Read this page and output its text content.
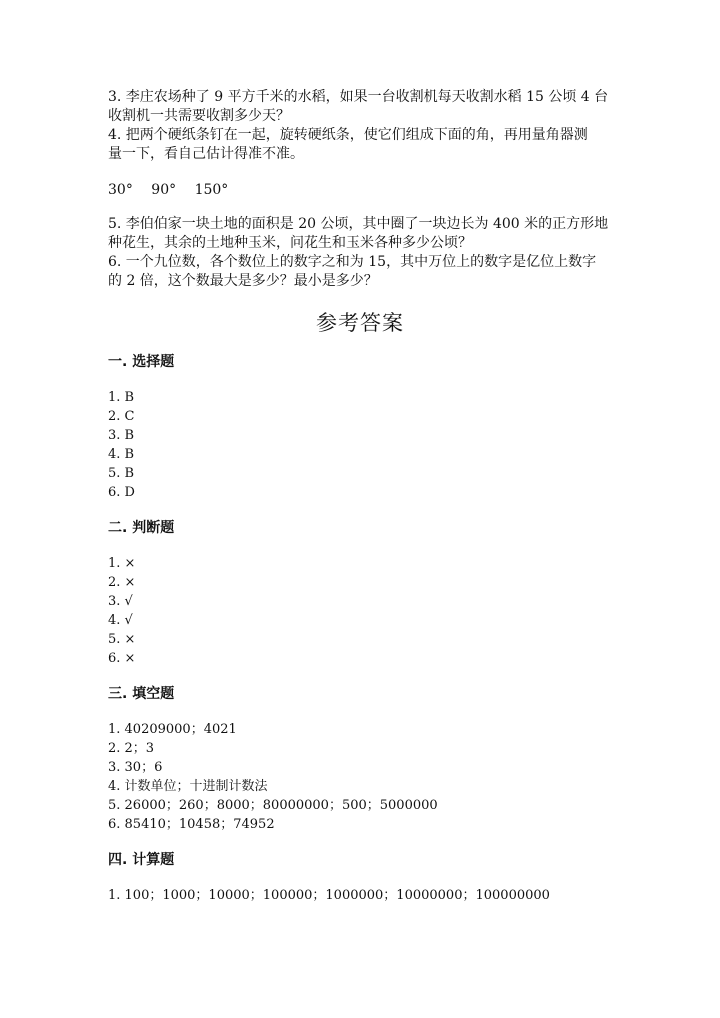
3. 李庄农场种了 9 平方千米的水稻，如果一台收割机每天收割水稻 15 公顷 4 台
收割机一共需要收割多少天？
4. 把两个硬纸条钉在一起，旋转硬纸条，使它们组成下面的角，再用量角器测
量一下，看自己估计得准不准。
30° 90° 150°
5. 李伯伯家一块土地的面积是 20 公顷，其中圈了一块边长为 400 米的正方形地
种花生，其余的土地种玉米，问花生和玉米各种多少公顷？
6. 一个九位数，各个数位上的数字之和为 15，其中万位上的数字是亿位上数字
的 2 倍，这个数最大是多少？最小是多少？
参考答案
一. 选择题
1. B
2. C
3. B
4. B
5. B
6. D
二. 判断题
1. ×
2. ×
3. √
4. √
5. ×
6. ×
三. 填空题
1. 40209000；4021
2. 2；3
3. 30；6
4. 计数单位；十进制计数法
5. 26000；260；8000；80000000；500；5000000
6. 85410；10458；74952
四. 计算题
1. 100；1000；10000；100000；1000000；10000000；100000000
